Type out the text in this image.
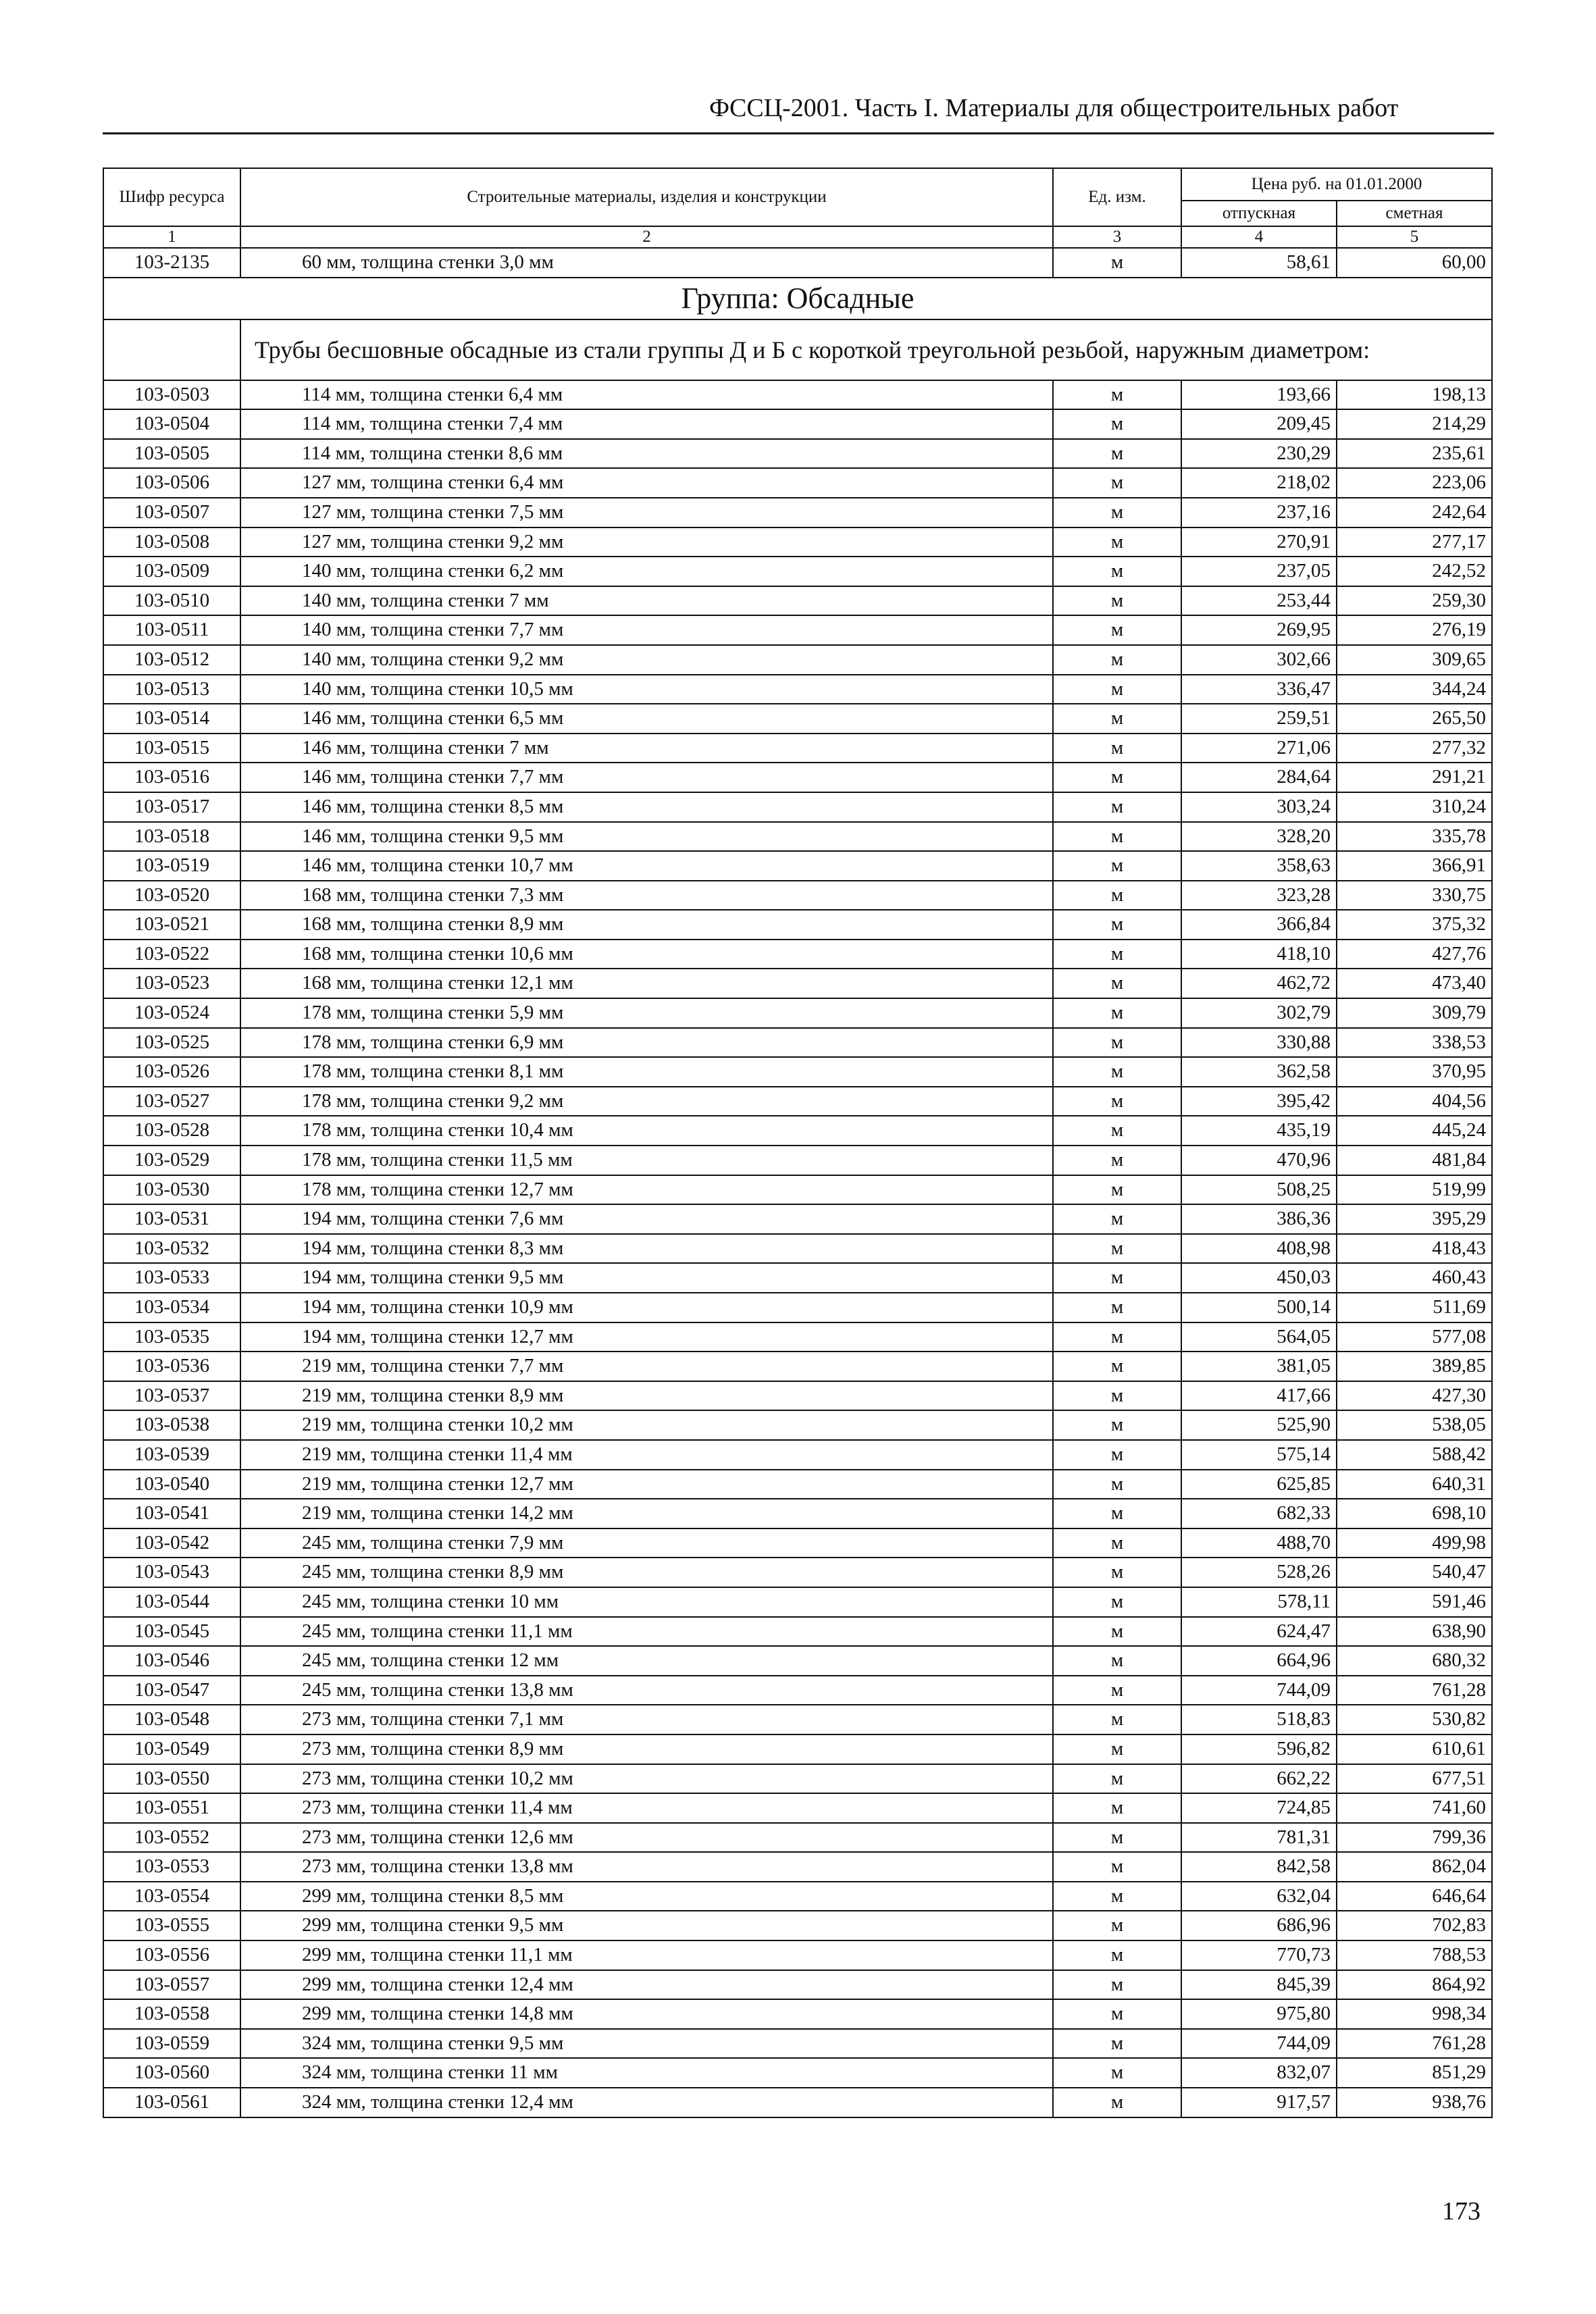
ФССЦ-2001. Часть I. Материалы для общестроительных работ
Шифр ресурса	Строительные материалы, изделия и конструкции	Ед. изм.	Цена руб. на 01.01.2000	
			отпускная	сметная
1	2	3	4	5
103-2135	60 мм, толщина стенки 3,0 мм	м	58,61	60,00
Группа: Обсадные				
	Трубы бесшовные обсадные из стали группы Д и Б с короткой треугольной резьбой, наружным диаметром:			
103-0503	114 мм, толщина стенки 6,4 мм	м	193,66	198,13
103-0504	114 мм, толщина стенки 7,4 мм	м	209,45	214,29
103-0505	114 мм, толщина стенки 8,6 мм	м	230,29	235,61
103-0506	127 мм, толщина стенки 6,4 мм	м	218,02	223,06
103-0507	127 мм, толщина стенки 7,5 мм	м	237,16	242,64
103-0508	127 мм, толщина стенки 9,2 мм	м	270,91	277,17
103-0509	140 мм, толщина стенки 6,2 мм	м	237,05	242,52
103-0510	140 мм, толщина стенки 7 мм	м	253,44	259,30
103-0511	140 мм, толщина стенки 7,7 мм	м	269,95	276,19
103-0512	140 мм, толщина стенки 9,2 мм	м	302,66	309,65
103-0513	140 мм, толщина стенки 10,5 мм	м	336,47	344,24
103-0514	146 мм, толщина стенки 6,5 мм	м	259,51	265,50
103-0515	146 мм, толщина стенки 7 мм	м	271,06	277,32
103-0516	146 мм, толщина стенки 7,7 мм	м	284,64	291,21
103-0517	146 мм, толщина стенки 8,5 мм	м	303,24	310,24
103-0518	146 мм, толщина стенки 9,5 мм	м	328,20	335,78
103-0519	146 мм, толщина стенки 10,7 мм	м	358,63	366,91
103-0520	168 мм, толщина стенки 7,3 мм	м	323,28	330,75
103-0521	168 мм, толщина стенки 8,9 мм	м	366,84	375,32
103-0522	168 мм, толщина стенки 10,6 мм	м	418,10	427,76
103-0523	168 мм, толщина стенки 12,1 мм	м	462,72	473,40
103-0524	178 мм, толщина стенки 5,9 мм	м	302,79	309,79
103-0525	178 мм, толщина стенки 6,9 мм	м	330,88	338,53
103-0526	178 мм, толщина стенки 8,1 мм	м	362,58	370,95
103-0527	178 мм, толщина стенки 9,2 мм	м	395,42	404,56
103-0528	178 мм, толщина стенки 10,4 мм	м	435,19	445,24
103-0529	178 мм, толщина стенки 11,5 мм	м	470,96	481,84
103-0530	178 мм, толщина стенки 12,7 мм	м	508,25	519,99
103-0531	194 мм, толщина стенки 7,6 мм	м	386,36	395,29
103-0532	194 мм, толщина стенки 8,3 мм	м	408,98	418,43
103-0533	194 мм, толщина стенки 9,5 мм	м	450,03	460,43
103-0534	194 мм, толщина стенки 10,9 мм	м	500,14	511,69
103-0535	194 мм, толщина стенки 12,7 мм	м	564,05	577,08
103-0536	219 мм, толщина стенки 7,7 мм	м	381,05	389,85
103-0537	219 мм, толщина стенки 8,9 мм	м	417,66	427,30
103-0538	219 мм, толщина стенки 10,2 мм	м	525,90	538,05
103-0539	219 мм, толщина стенки 11,4 мм	м	575,14	588,42
103-0540	219 мм, толщина стенки 12,7 мм	м	625,85	640,31
103-0541	219 мм, толщина стенки 14,2 мм	м	682,33	698,10
103-0542	245 мм, толщина стенки 7,9 мм	м	488,70	499,98
103-0543	245 мм, толщина стенки 8,9 мм	м	528,26	540,47
103-0544	245 мм, толщина стенки 10 мм	м	578,11	591,46
103-0545	245 мм, толщина стенки 11,1 мм	м	624,47	638,90
103-0546	245 мм, толщина стенки 12 мм	м	664,96	680,32
103-0547	245 мм, толщина стенки 13,8 мм	м	744,09	761,28
103-0548	273 мм, толщина стенки 7,1 мм	м	518,83	530,82
103-0549	273 мм, толщина стенки 8,9 мм	м	596,82	610,61
103-0550	273 мм, толщина стенки 10,2 мм	м	662,22	677,51
103-0551	273 мм, толщина стенки 11,4 мм	м	724,85	741,60
103-0552	273 мм, толщина стенки 12,6 мм	м	781,31	799,36
103-0553	273 мм, толщина стенки 13,8 мм	м	842,58	862,04
103-0554	299 мм, толщина стенки 8,5 мм	м	632,04	646,64
103-0555	299 мм, толщина стенки 9,5 мм	м	686,96	702,83
103-0556	299 мм, толщина стенки 11,1 мм	м	770,73	788,53
103-0557	299 мм, толщина стенки 12,4 мм	м	845,39	864,92
103-0558	299 мм, толщина стенки 14,8 мм	м	975,80	998,34
103-0559	324 мм, толщина стенки 9,5 мм	м	744,09	761,28
103-0560	324 мм, толщина стенки 11 мм	м	832,07	851,29
103-0561	324 мм, толщина стенки 12,4 мм	м	917,57	938,76
173
